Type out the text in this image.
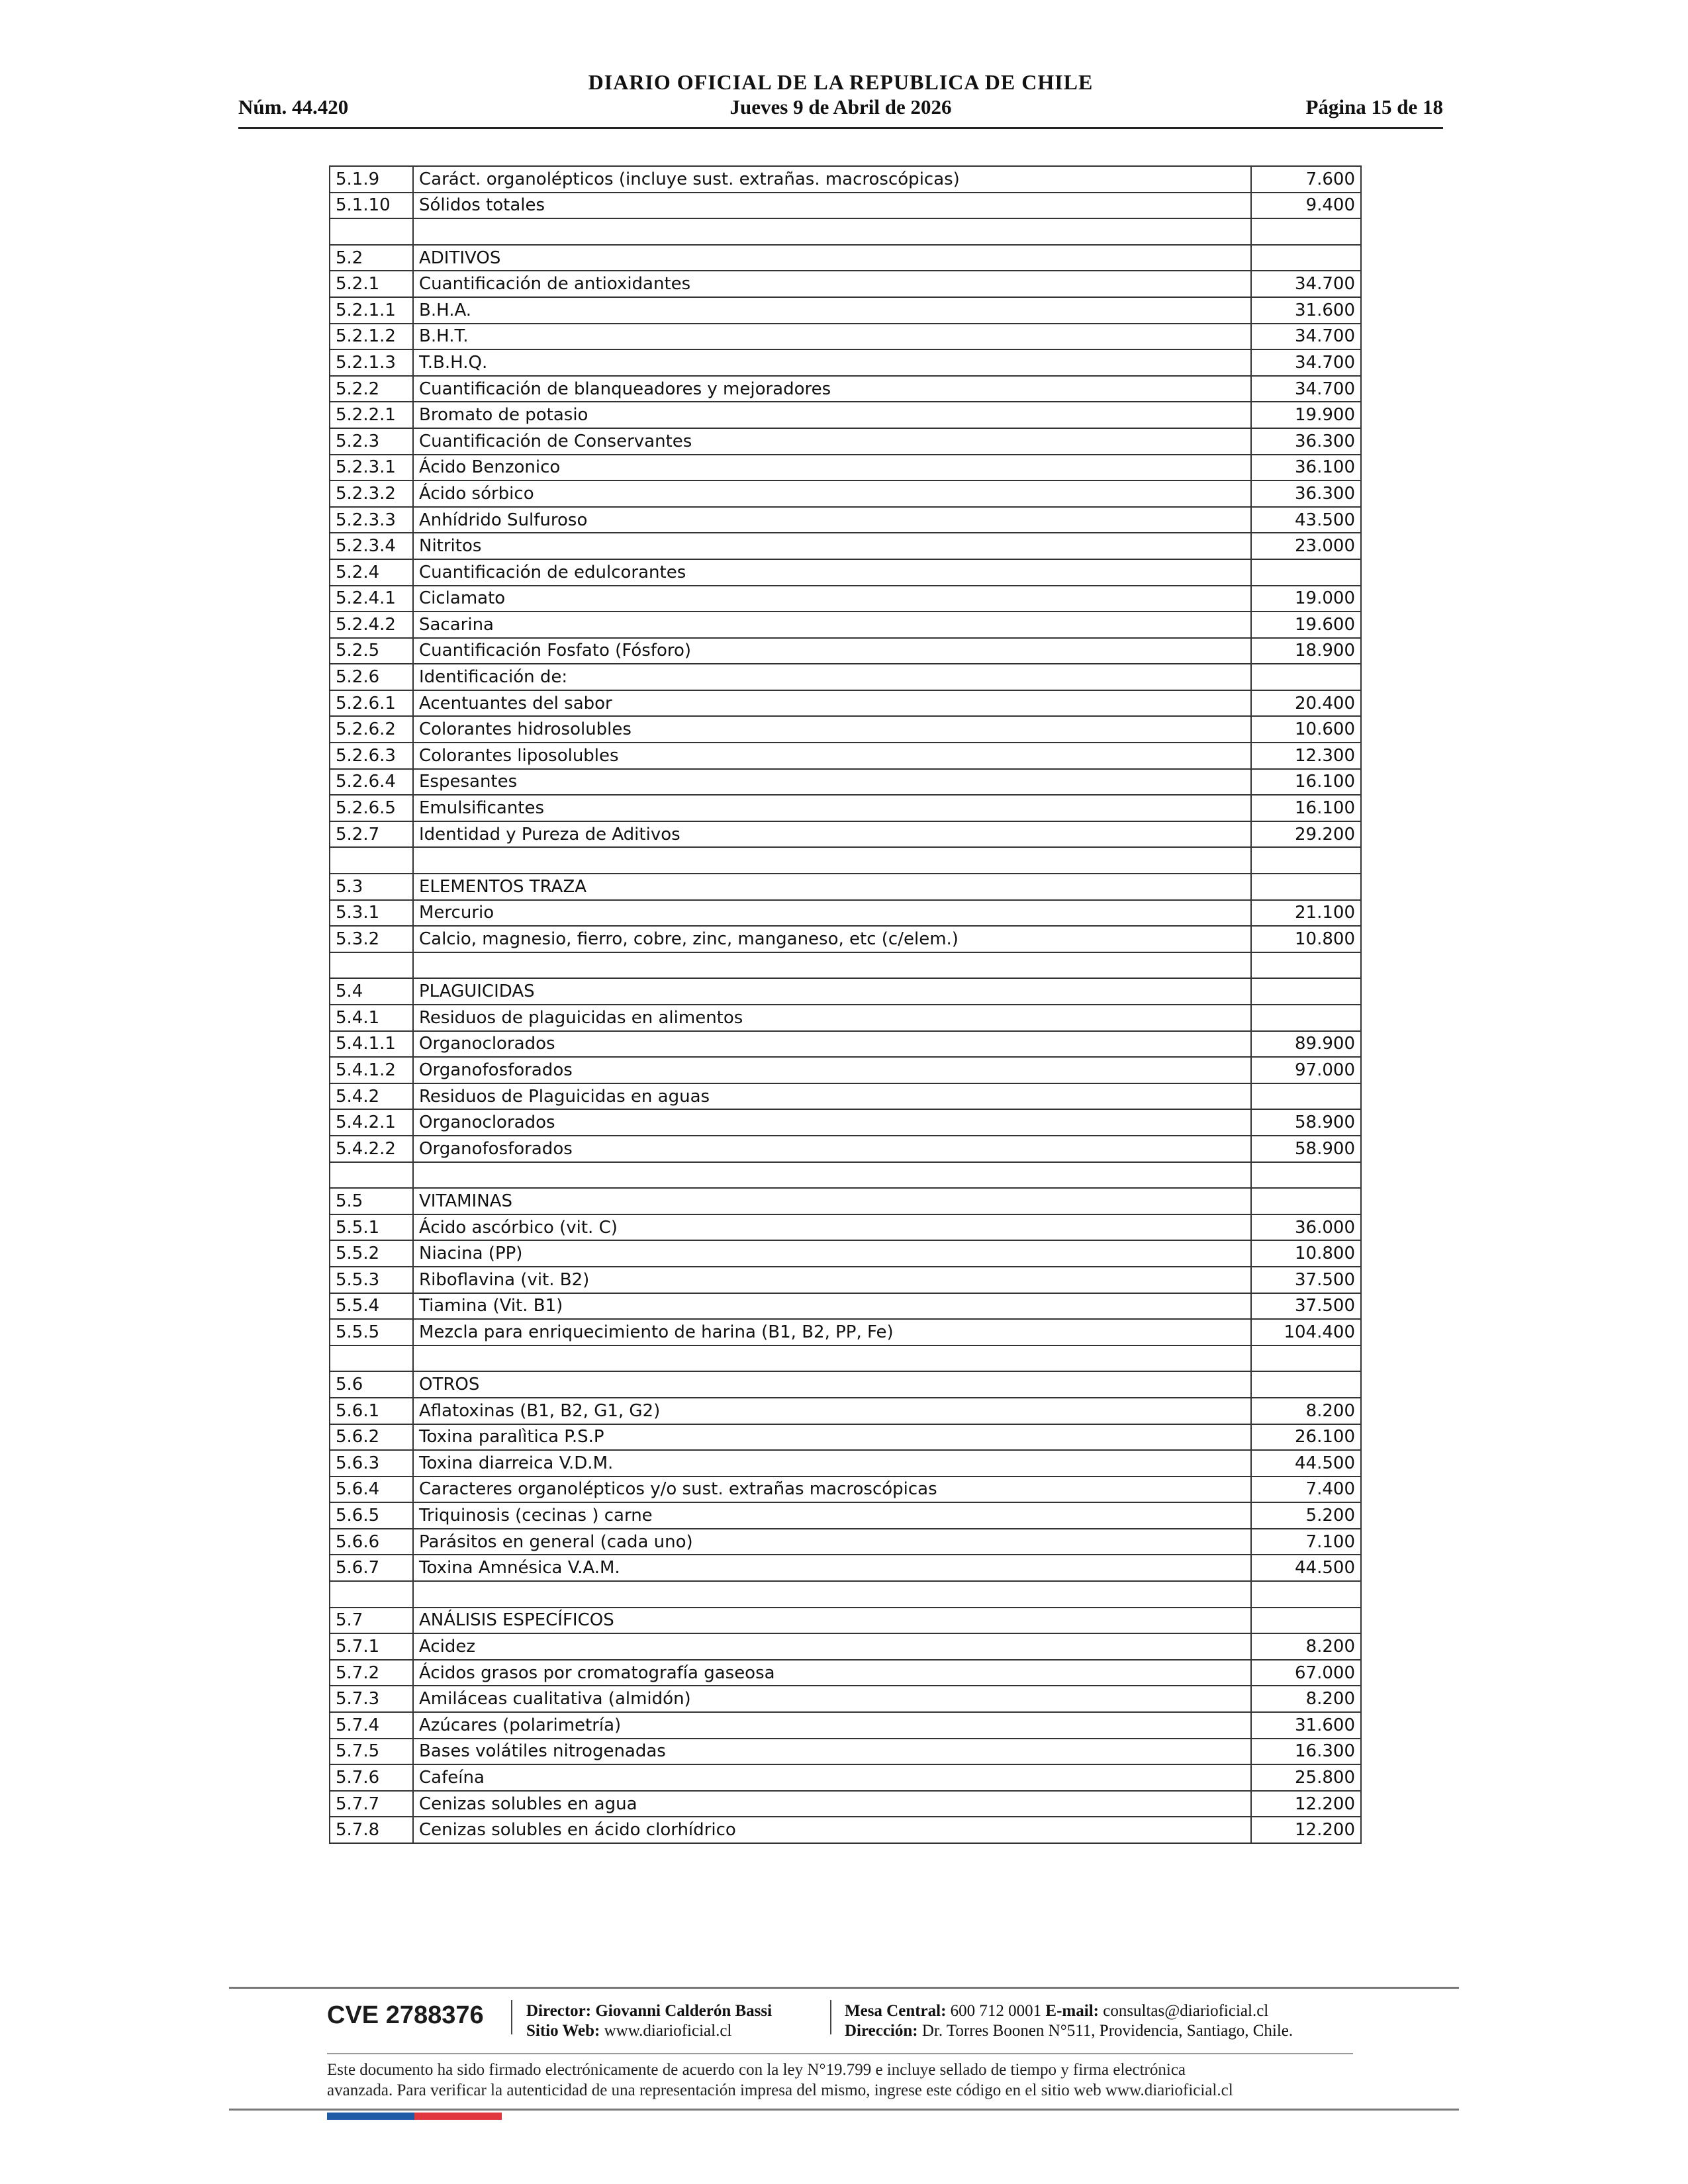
DIARIO OFICIAL DE LA REPUBLICA DE CHILE
Núm. 44.420	Jueves 9 de Abril de 2026	Página 15 de 18
5.1.9	Caráct. organolépticos (incluye sust. extrañas. macroscópicas)	7.600
5.1.10	Sólidos totales	9.400

5.2	ADITIVOS	
5.2.1	Cuantificación de antioxidantes	34.700
5.2.1.1	B.H.A.	31.600
5.2.1.2	B.H.T.	34.700
5.2.1.3	T.B.H.Q.	34.700
5.2.2	Cuantificación de blanqueadores y mejoradores	34.700
5.2.2.1	Bromato de potasio	19.900
5.2.3	Cuantificación de Conservantes	36.300
5.2.3.1	Ácido Benzonico	36.100
5.2.3.2	Ácido sórbico	36.300
5.2.3.3	Anhídrido Sulfuroso	43.500
5.2.3.4	Nitritos	23.000
5.2.4	Cuantificación de edulcorantes	
5.2.4.1	Ciclamato	19.000
5.2.4.2	Sacarina	19.600
5.2.5	Cuantificación Fosfato (Fósforo)	18.900
5.2.6	Identificación de:	
5.2.6.1	Acentuantes del sabor	20.400
5.2.6.2	Colorantes hidrosolubles	10.600
5.2.6.3	Colorantes liposolubles	12.300
5.2.6.4	Espesantes	16.100
5.2.6.5	Emulsificantes	16.100
5.2.7	Identidad y Pureza de Aditivos	29.200

5.3	ELEMENTOS TRAZA	
5.3.1	Mercurio	21.100
5.3.2	Calcio, magnesio, fierro, cobre, zinc, manganeso, etc (c/elem.)	10.800

5.4	PLAGUICIDAS	
5.4.1	Residuos de plaguicidas en alimentos	
5.4.1.1	Organoclorados	89.900
5.4.1.2	Organofosforados	97.000
5.4.2	Residuos de Plaguicidas en aguas	
5.4.2.1	Organoclorados	58.900
5.4.2.2	Organofosforados	58.900

5.5	VITAMINAS	
5.5.1	Ácido ascórbico (vit. C)	36.000
5.5.2	Niacina (PP)	10.800
5.5.3	Riboflavina (vit. B2)	37.500
5.5.4	Tiamina (Vit. B1)	37.500
5.5.5	Mezcla para enriquecimiento de harina (B1, B2, PP, Fe)	104.400

5.6	OTROS	
5.6.1	Aflatoxinas (B1, B2, G1, G2)	8.200
5.6.2	Toxina paralìtica P.S.P	26.100
5.6.3	Toxina diarreica V.D.M.	44.500
5.6.4	Caracteres organolépticos y/o sust. extrañas macroscópicas	7.400
5.6.5	Triquinosis (cecinas ) carne	5.200
5.6.6	Parásitos en general (cada uno)	7.100
5.6.7	Toxina Amnésica V.A.M.	44.500

5.7	ANÁLISIS ESPECÍFICOS	
5.7.1	Acidez	8.200
5.7.2	Ácidos grasos por cromatografía gaseosa	67.000
5.7.3	Amiláceas cualitativa (almidón)	8.200
5.7.4	Azúcares (polarimetría)	31.600
5.7.5	Bases volátiles nitrogenadas	16.300
5.7.6	Cafeína	25.800
5.7.7	Cenizas solubles en agua	12.200
5.7.8	Cenizas solubles en ácido clorhídrico	12.200
CVE 2788376	Director: Giovanni Calderón Bassi
Sitio Web: www.diarioficial.cl
Mesa Central: 600 712 0001 E-mail: consultas@diarioficial.cl
Dirección: Dr. Torres Boonen N°511, Providencia, Santiago, Chile.
Este documento ha sido firmado electrónicamente de acuerdo con la ley N°19.799 e incluye sellado de tiempo y firma electrónica
avanzada. Para verificar la autenticidad de una representación impresa del mismo, ingrese este código en el sitio web www.diarioficial.cl
